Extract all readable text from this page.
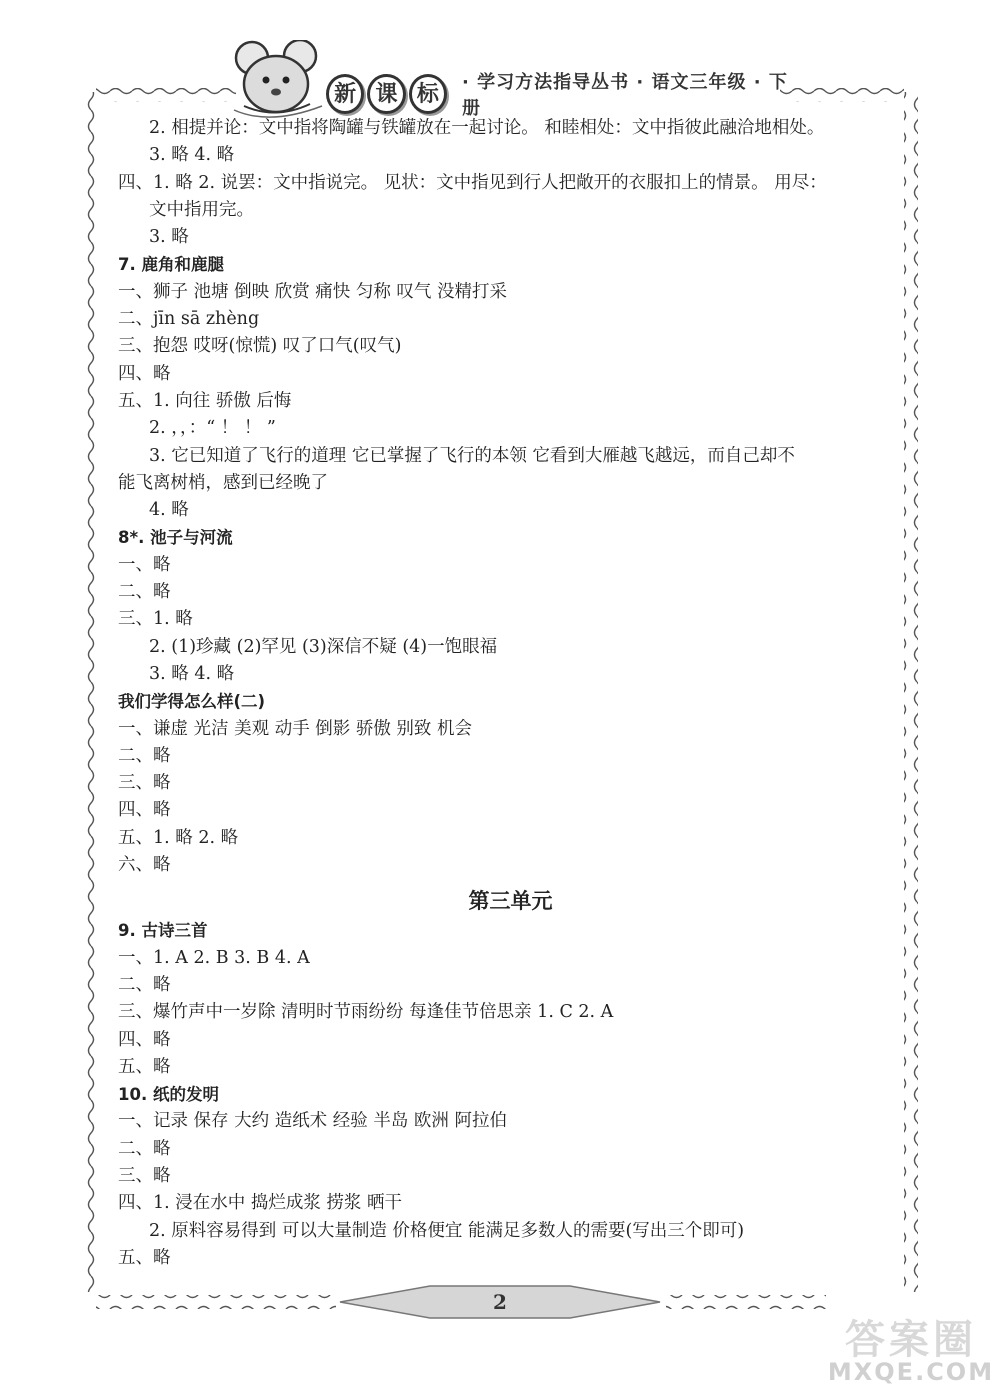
新 课 标	· 学习方法指导丛书 · 语文三年级 · 下册
2. 相提并论：文中指将陶罐与铁罐放在一起讨论。 和睦相处：文中指彼此融洽地相处。
3. 略 4. 略
四、1. 略 2. 说罢：文中指说完。 见状：文中指见到行人把敞开的衣服扣上的情景。 用尽：
文中指用完。
3. 略
7. 鹿角和鹿腿
一、狮子 池塘 倒映 欣赏 痛快 匀称 叹气 没精打采
二、jīn sā zhèng
三、抱怨 哎呀(惊慌) 叹了口气(叹气)
四、略
五、1. 向往 骄傲 后悔
2. ，，：“ ！ ！ ”
3. 它已知道了飞行的道理 它已掌握了飞行的本领 它看到大雁越飞越远，而自己却不
能飞离树梢，感到已经晚了
4. 略
8*. 池子与河流
一、略
二、略
三、1. 略
2. (1)珍藏 (2)罕见 (3)深信不疑 (4)一饱眼福
3. 略 4. 略
我们学得怎么样(二)
一、谦虚 光洁 美观 动手 倒影 骄傲 别致 机会
二、略
三、略
四、略
五、1. 略 2. 略
六、略
第三单元
9. 古诗三首
一、1. A 2. B 3. B 4. A
二、略
三、爆竹声中一岁除 清明时节雨纷纷 每逢佳节倍思亲 1. C 2. A
四、略
五、略
10. 纸的发明
一、记录 保存 大约 造纸术 经验 半岛 欧洲 阿拉伯
二、略
三、略
四、1. 浸在水中 捣烂成浆 捞浆 晒干
2. 原料容易得到 可以大量制造 价格便宜 能满足多数人的需要(写出三个即可)
五、略
2
答案圈
MXQE.COM
